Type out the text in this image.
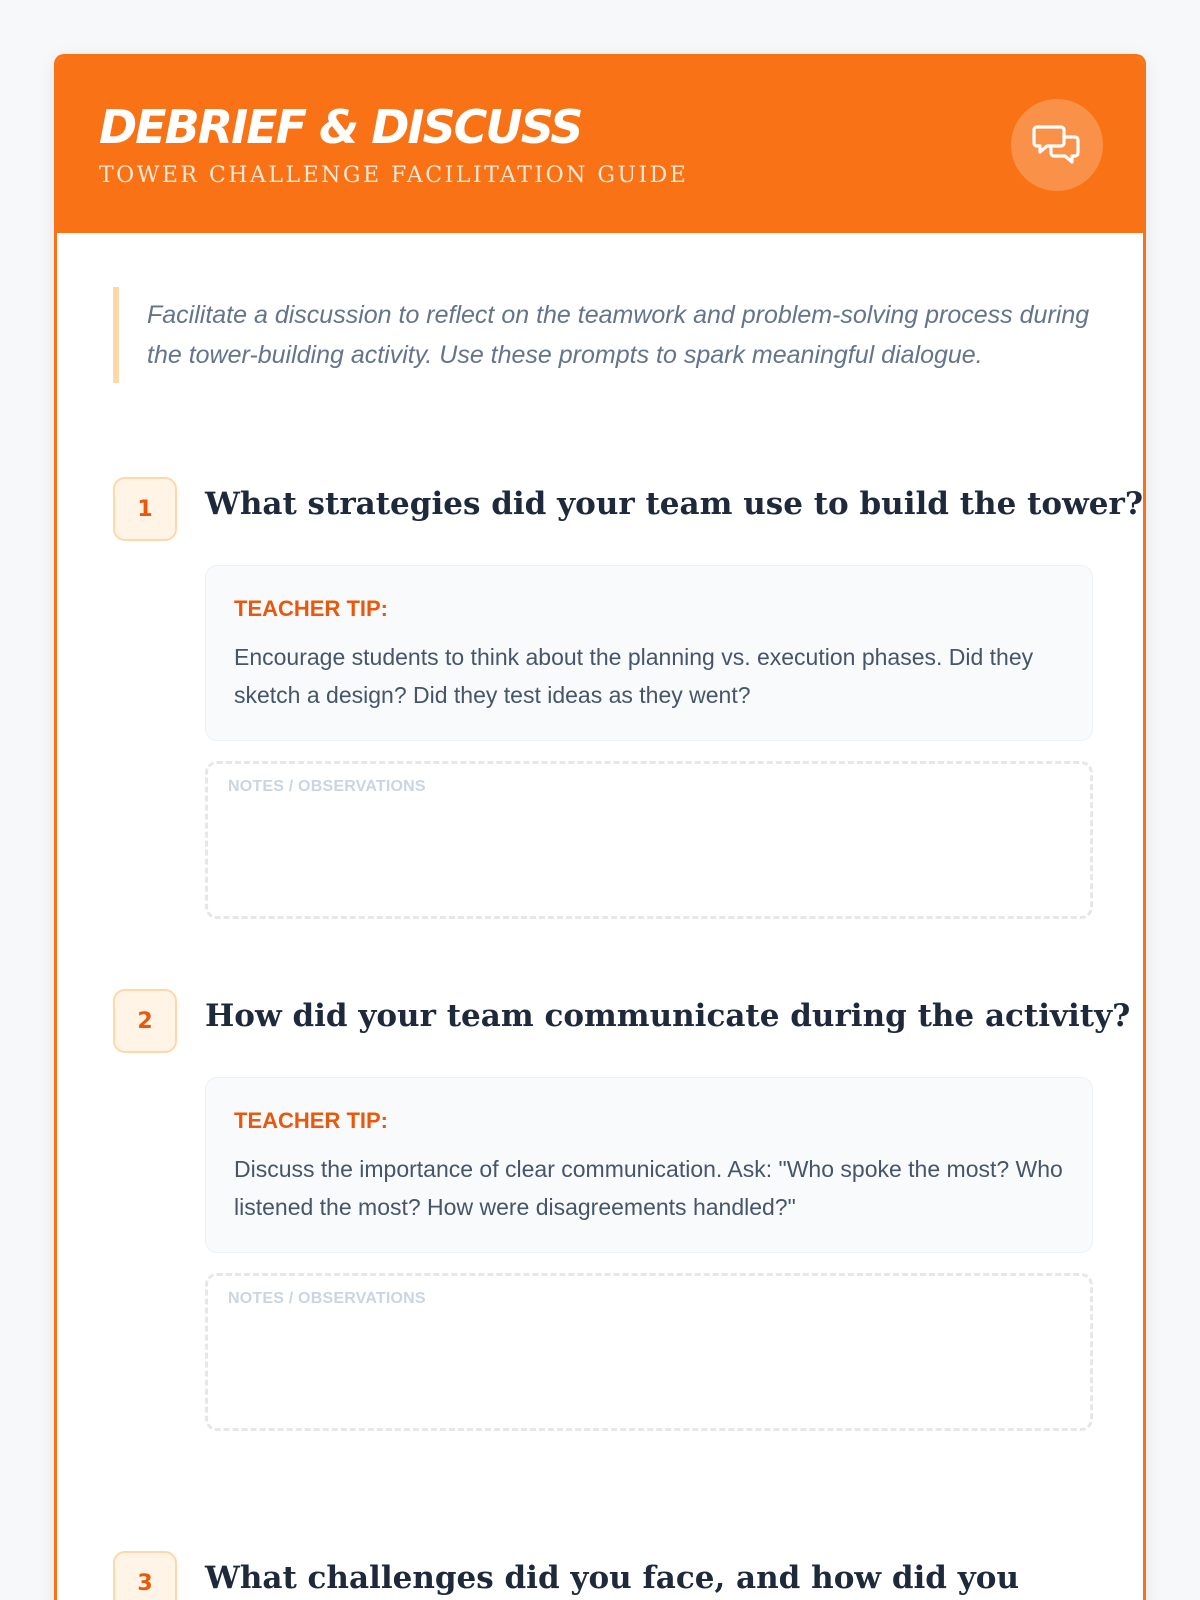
DEBRIEF & DISCUSS

TOWER CHALLENGE FACILITATION GUIDE

Facilitate a discussion to reflect on the teamwork and problem-solving process during the tower-building activity. Use these prompts to spark meaningful dialogue.

1	What strategies did your team use to build the tower?

TEACHER TIP:

Encourage students to think about the planning vs. execution phases. Did they sketch a design? Did they test ideas as they went?

NOTES / OBSERVATIONS
2	How did your team communicate during the activity?

TEACHER TIP:

Discuss the importance of clear communication. Ask: "Who spoke the most? Who listened the most? How were disagreements handled?"

NOTES / OBSERVATIONS
3	What challenges did you face, and how did you
